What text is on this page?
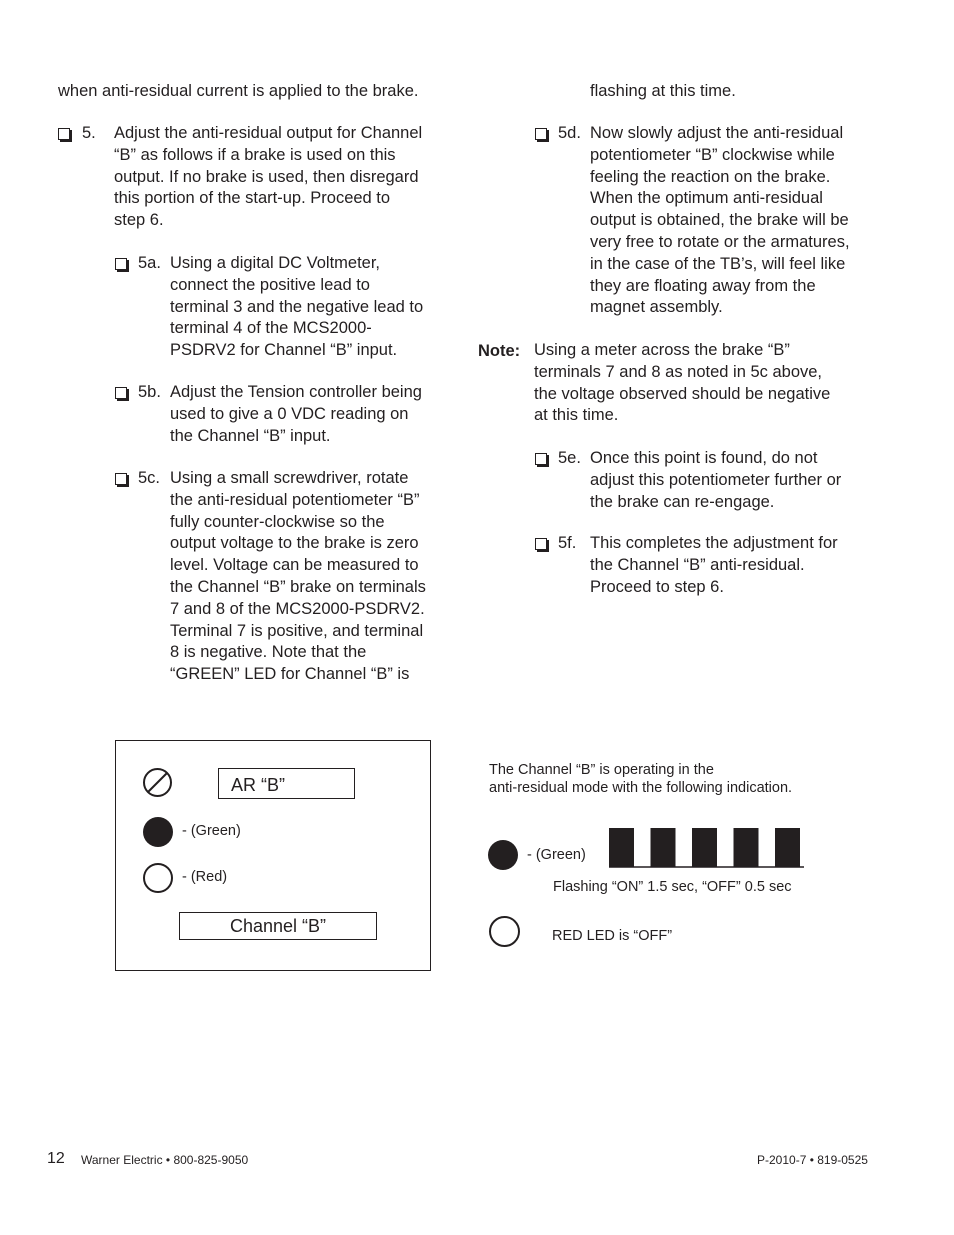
when anti-residual current is applied to the brake.

5. Adjust the anti-residual output for Channel
“B” as follows if a brake is used on this
output. If no brake is used, then disregard
this portion of the start-up. Proceed to
step 6.
5a. Using a digital DC Voltmeter,
connect the positive lead to
terminal 3 and the negative lead to
terminal 4 of the MCS2000-
PSDRV2 for Channel “B” input.
5b. Adjust the Tension controller being
used to give a 0 VDC reading on
the Channel “B” input.
5c. Using a small screwdriver, rotate
the anti-residual potentiometer “B”
fully counter-clockwise so the
output voltage to the brake is zero
level. Voltage can be measured to
the Channel “B” brake on terminals
7 and 8 of the MCS2000-PSDRV2.
Terminal 7 is positive, and terminal
8 is negative. Note that the
“GREEN” LED for Channel “B” is

flashing at this time.

5d. Now slowly adjust the anti-residual
potentiometer “B” clockwise while
feeling the reaction on the brake.
When the optimum anti-residual
output is obtained, the brake will be
very free to rotate or the armatures,
in the case of the TB’s, will feel like
they are floating away from the
magnet assembly.
Note: Using a meter across the brake “B”
terminals 7 and 8 as noted in 5c above,
the voltage observed should be negative
at this time.
5e. Once this point is found, do not
adjust this potentiometer further or
the brake can re-engage.
5f. This completes the adjustment for
the Channel “B” anti-residual.
Proceed to step 6.
AR “B”
- (Green)
- (Red)
Channel “B”
The Channel “B” is operating in the
anti-residual mode with the following indication.
- (Green)
Flashing “ON” 1.5 sec, “OFF” 0.5 sec
RED LED is “OFF”
12 Warner Electric • 800-825-9050	P-2010-7 • 819-0525
